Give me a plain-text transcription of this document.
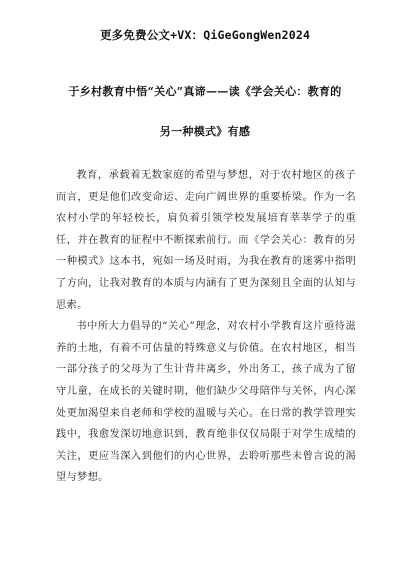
更多免费公文+VX：QiGeGongWen2024
于乡村教育中悟“关心”真谛——读《学会关心：教育的
另一种模式》有感

教育，承载着无数家庭的希望与梦想，对于农村地区的孩子而言，更是他们改变命运、走向广阔世界的重要桥梁。作为一名农村小学的年轻校长，肩负着引领学校发展培育莘莘学子的重任，并在教育的征程中不断探索前行。而《学会关心：教育的另一种模式》这本书，宛如一场及时雨，为我在教育的迷雾中指明了方向，让我对教育的本质与内涵有了更为深刻且全面的认知与思索。

书中所大力倡导的“关心”理念，对农村小学教育这片亟待滋养的土地，有着不可估量的特殊意义与价值。在农村地区，相当一部分孩子的父母为了生计背井离乡，外出务工，孩子成为了留守儿童，在成长的关键时期，他们缺少父母陪伴与关怀，内心深处更加渴望来自老师和学校的温暖与关心。在日常的教学管理实践中，我愈发深切地意识到，教育绝非仅仅局限于对学生成绩的关注，更应当深入到他们的内心世界，去聆听那些未曾言说的渴望与梦想。
